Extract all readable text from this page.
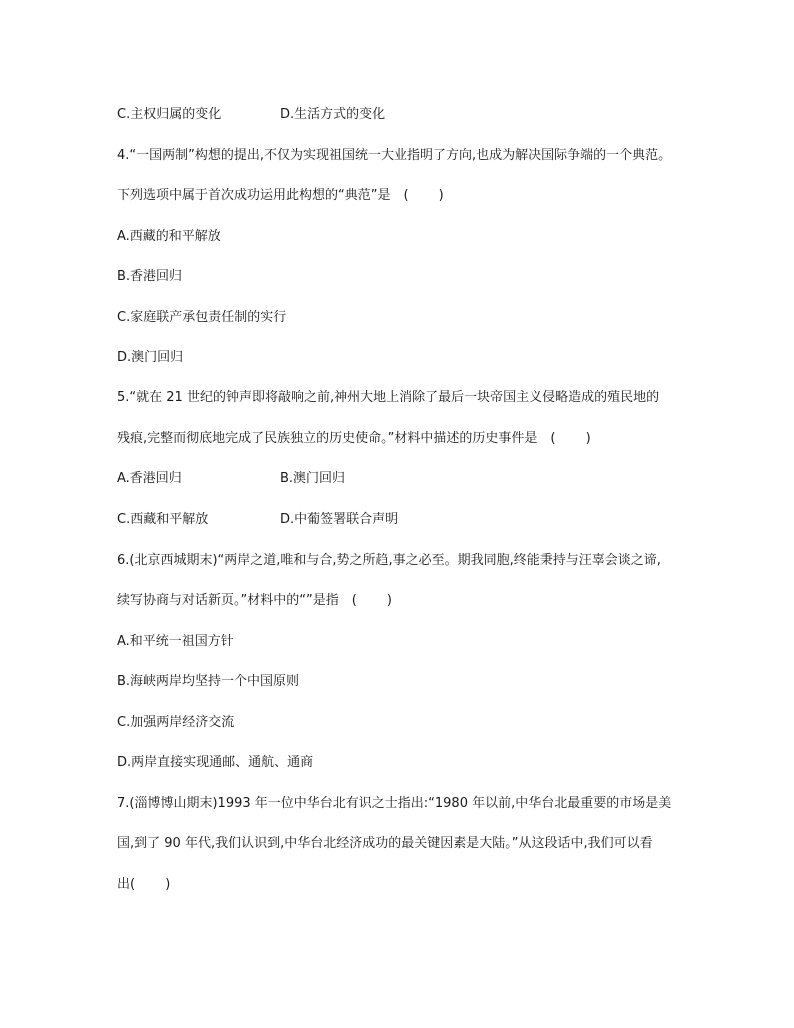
C.主权归属的变化	D.生活方式的变化
4.“一国两制”构想的提出,不仅为实现祖国统一大业指明了方向,也成为解决国际争端的一个典范。
下列选项中属于首次成功运用此构想的“典范”是　(　　 )
A.西藏的和平解放
B.香港回归
C.家庭联产承包责任制的实行
D.澳门回归
5.“就在 21 世纪的钟声即将敲响之前,神州大地上消除了最后一块帝国主义侵略造成的殖民地的
残痕,完整而彻底地完成了民族独立的历史使命。”材料中描述的历史事件是　(　　 )
A.香港回归	B.澳门回归
C.西藏和平解放	D.中葡签署联合声明
6.(北京西城期末)“两岸之道,唯和与合,势之所趋,事之必至。期我同胞,终能秉持与汪辜会谈之谛,
续写协商与对话新页。”材料中的“”是指　(　　 )
A.和平统一祖国方针
B.海峡两岸均坚持一个中国原则
C.加强两岸经济交流
D.两岸直接实现通邮、通航、通商
7.(淄博博山期末)1993 年一位中华台北有识之士指出:“1980 年以前,中华台北最重要的市场是美
国,到了 90 年代,我们认识到,中华台北经济成功的最关键因素是大陆。”从这段话中,我们可以看
出(　　 )
